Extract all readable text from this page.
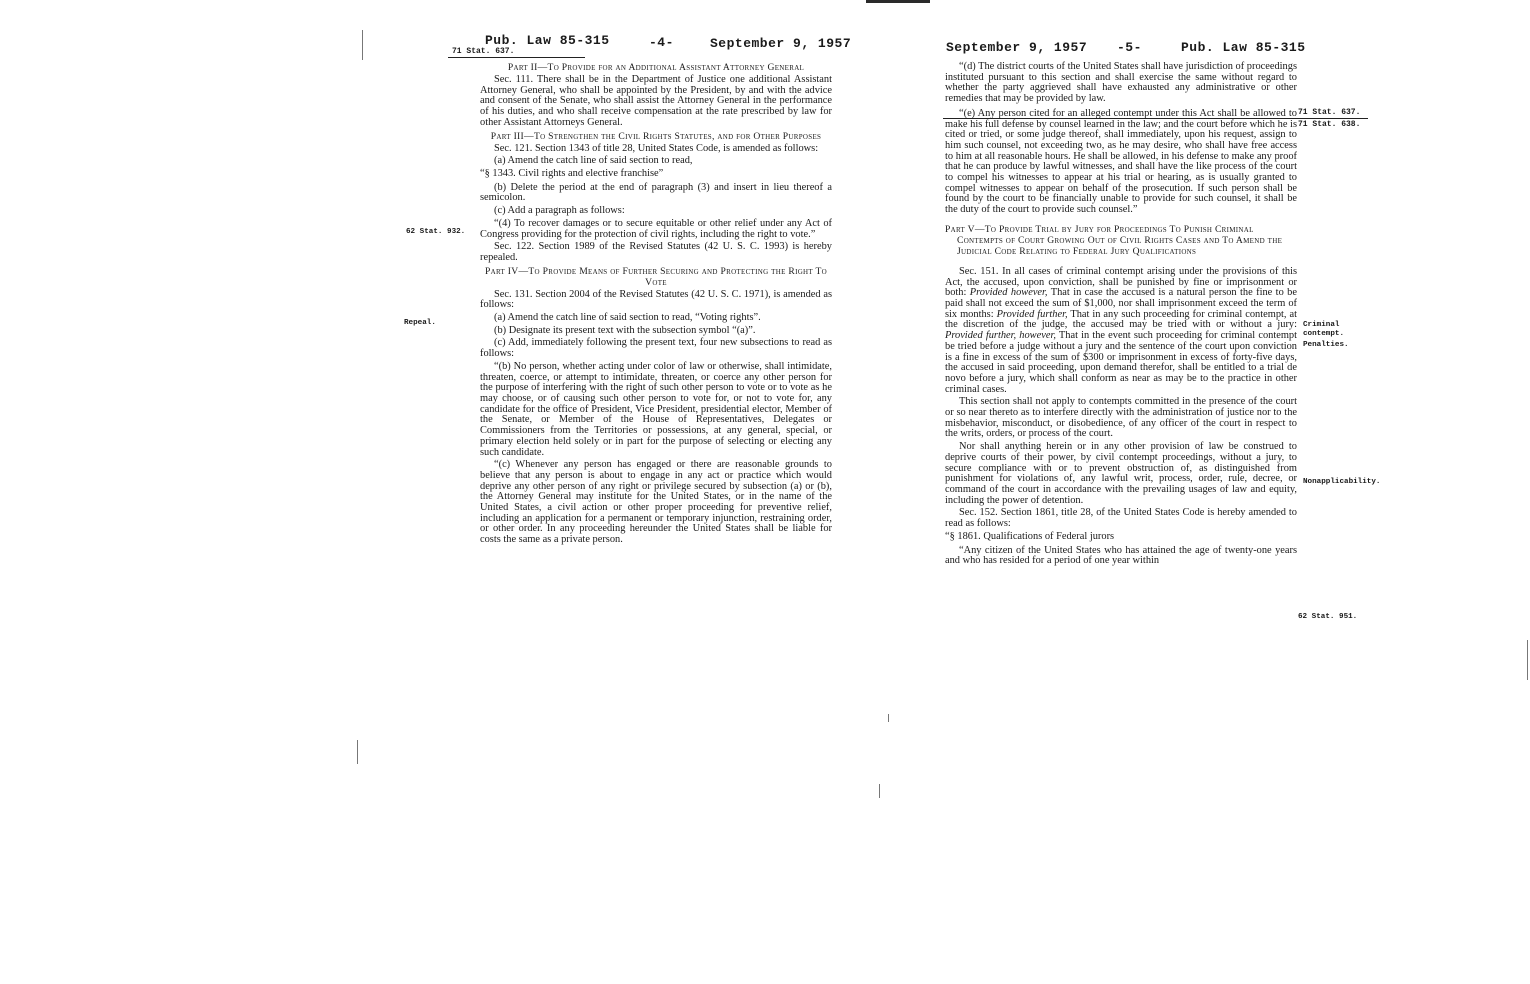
Pub. Law 85-315	-4-	September 9, 1957
71 Stat. 637.
62 Stat. 932.
Repeal.

Part II—To Provide for an Additional Assistant Attorney General

Sec. 111. There shall be in the Department of Justice one additional Assistant Attorney General, who shall be appointed by the President, by and with the advice and consent of the Senate, who shall assist the Attorney General in the performance of his duties, and who shall receive compensation at the rate prescribed by law for other Assistant Attorneys General.

Part III—To Strengthen the Civil Rights Statutes, and for Other Purposes

Sec. 121. Section 1343 of title 28, United States Code, is amended as follows:

(a) Amend the catch line of said section to read,

“§ 1343. Civil rights and elective franchise”

(b) Delete the period at the end of paragraph (3) and insert in lieu thereof a semicolon.

(c) Add a paragraph as follows:

“(4) To recover damages or to secure equitable or other relief under any Act of Congress providing for the protection of civil rights, including the right to vote.”

Sec. 122. Section 1989 of the Revised Statutes (42 U. S. C. 1993) is hereby repealed.

Part IV—To Provide Means of Further Securing and Protecting the Right To Vote

Sec. 131. Section 2004 of the Revised Statutes (42 U. S. C. 1971), is amended as follows:

(a) Amend the catch line of said section to read, “Voting rights”.

(b) Designate its present text with the subsection symbol “(a)”.

(c) Add, immediately following the present text, four new subsections to read as follows:

“(b) No person, whether acting under color of law or otherwise, shall intimidate, threaten, coerce, or attempt to intimidate, threaten, or coerce any other person for the purpose of interfering with the right of such other person to vote or to vote as he may choose, or of causing such other person to vote for, or not to vote for, any candidate for the office of President, Vice President, presidential elector, Member of the Senate, or Member of the House of Representatives, Delegates or Commissioners from the Territories or possessions, at any general, special, or primary election held solely or in part for the purpose of selecting or electing any such candidate.

“(c) Whenever any person has engaged or there are reasonable grounds to believe that any person is about to engage in any act or practice which would deprive any other person of any right or privilege secured by subsection (a) or (b), the Attorney General may institute for the United States, or in the name of the United States, a civil action or other proper proceeding for preventive relief, including an application for a permanent or temporary injunction, restraining order, or other order. In any proceeding hereunder the United States shall be liable for costs the same as a private person.

September 9, 1957 -5-	Pub. Law 85-315
71 Stat. 637.
71 Stat. 638.
Criminal contempt.
Penalties.
Nonapplicability.
62 Stat. 951.

“(d) The district courts of the United States shall have jurisdiction of proceedings instituted pursuant to this section and shall exercise the same without regard to whether the party aggrieved shall have exhausted any administrative or other remedies that may be provided by law.

“(e) Any person cited for an alleged contempt under this Act shall be allowed to make his full defense by counsel learned in the law; and the court before which he is cited or tried, or some judge thereof, shall immediately, upon his request, assign to him such counsel, not exceeding two, as he may desire, who shall have free access to him at all reasonable hours. He shall be allowed, in his defense to make any proof that he can produce by lawful witnesses, and shall have the like process of the court to compel his witnesses to appear at his trial or hearing, as is usually granted to compel witnesses to appear on behalf of the prosecution. If such person shall be found by the court to be financially unable to provide for such counsel, it shall be the duty of the court to provide such counsel.”

Part V—To Provide Trial by Jury for Proceedings To Punish Criminal Contempts of Court Growing Out of Civil Rights Cases and To Amend the Judicial Code Relating to Federal Jury Qualifications

Sec. 151. In all cases of criminal contempt arising under the provisions of this Act, the accused, upon conviction, shall be punished by fine or imprisonment or both: Provided however, That in case the accused is a natural person the fine to be paid shall not exceed the sum of $1,000, nor shall imprisonment exceed the term of six months: Provided further, That in any such proceeding for criminal contempt, at the discretion of the judge, the accused may be tried with or without a jury: Provided further, however, That in the event such proceeding for criminal contempt be tried before a judge without a jury and the sentence of the court upon conviction is a fine in excess of the sum of $300 or imprisonment in excess of forty-five days, the accused in said proceeding, upon demand therefor, shall be entitled to a trial de novo before a jury, which shall conform as near as may be to the practice in other criminal cases.

This section shall not apply to contempts committed in the presence of the court or so near thereto as to interfere directly with the administration of justice nor to the misbehavior, misconduct, or disobedience, of any officer of the court in respect to the writs, orders, or process of the court.

Nor shall anything herein or in any other provision of law be construed to deprive courts of their power, by civil contempt proceedings, without a jury, to secure compliance with or to prevent obstruction of, as distinguished from punishment for violations of, any lawful writ, process, order, rule, decree, or command of the court in accordance with the prevailing usages of law and equity, including the power of detention.

Sec. 152. Section 1861, title 28, of the United States Code is hereby amended to read as follows:

“§ 1861. Qualifications of Federal jurors

“Any citizen of the United States who has attained the age of twenty-one years and who has resided for a period of one year within
